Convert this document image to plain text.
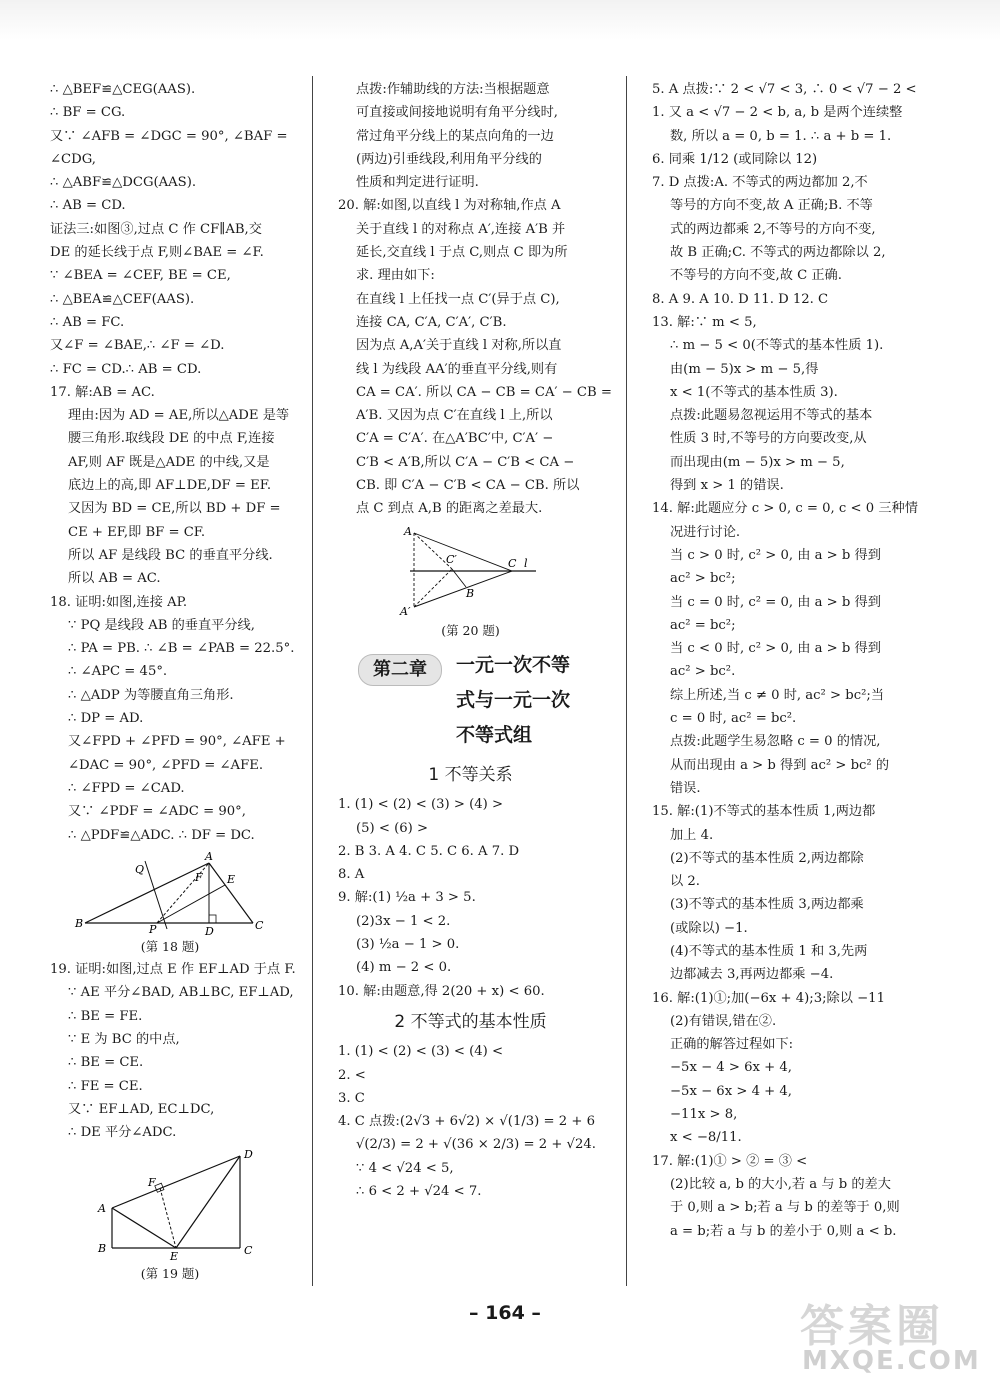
∴ △BEF≌△CEG(AAS).
∴ BF = CG.
又∵ ∠AFB = ∠DGC = 90°, ∠BAF =
∠CDG,
∴ △ABF≌△DCG(AAS).
∴ AB = CD.
证法三:如图③,过点 C 作 CF∥AB,交
DE 的延长线于点 F,则∠BAE = ∠F.
∵ ∠BEA = ∠CEF, BE = CE,
∴ △BEA≌△CEF(AAS).
∴ AB = FC.
又∠F = ∠BAE,∴ ∠F = ∠D.
∴ FC = CD.∴ AB = CD.
17. 解:AB = AC.
理由:因为 AD = AE,所以△ADE 是等
腰三角形.取线段 DE 的中点 F,连接
AF,则 AF 既是△ADE 的中线,又是
底边上的高,即 AF⊥DE,DF = EF.
又因为 BD = CE,所以 BD + DF =
CE + EF,即 BF = CF.
所以 AF 是线段 BC 的垂直平分线.
所以 AB = AC.
18. 证明:如图,连接 AP.
∵ PQ 是线段 AB 的垂直平分线,
∴ PA = PB. ∴ ∠B = ∠PAB = 22.5°.
∴ ∠APC = 45°.
∴ △ADP 为等腰直角三角形.
∴ DP = AD.
又∠FPD + ∠PFD = 90°, ∠AFE +
∠DAC = 90°, ∠PFD = ∠AFE.
∴ ∠FPD = ∠CAD.
又∵ ∠PDF = ∠ADC = 90°,
∴ △PDF≌△ADC. ∴ DF = DC.
A
Q
E
F
B	P	D	C
(第 18 题)
19. 证明:如图,过点 E 作 EF⊥AD 于点 F.
∵ AE 平分∠BAD, AB⊥BC, EF⊥AD,
∴ BE = FE.
∵ E 为 BC 的中点,
∴ BE = CE.
∴ FE = CE.
又∵ EF⊥AD, EC⊥DC,
∴ DE 平分∠ADC.
D
F
A
B
E	C
(第 19 题)
点拨:作辅助线的方法:当根据题意
可直接或间接地说明有角平分线时,
常过角平分线上的某点向角的一边
(两边)引垂线段,利用角平分线的
性质和判定进行证明.
20. 解:如图,以直线 l 为对称轴,作点 A
关于直线 l 的对称点 A′,连接 A′B 并
延长,交直线 l 于点 C,则点 C 即为所
求. 理由如下:
在直线 l 上任找一点 C′(异于点 C),
连接 CA, C′A, C′A′, C′B.
因为点 A,A′关于直线 l 对称,所以直
线 l 为线段 AA′的垂直平分线,则有
CA = CA′. 所以 CA − CB = CA′ − CB =
A′B. 又因为点 C′在直线 l 上,所以
C′A = C′A′. 在△A′BC′中, C′A′ −
C′B < A′B,所以 C′A − C′B < CA −
CB. 即 C′A − C′B < CA − CB. 所以
点 C 到点 A,B 的距离之差最大.
A
C′	C l
B
A′
(第 20 题)
第二章	一元一次不等
式与一元一次
不等式组
1 不等关系
1. (1) < (2) < (3) > (4) >
(5) < (6) >
2. B 3. A 4. C 5. C 6. A 7. D
8. A
9. 解:(1) ½a + 3 > 5.
(2)3x − 1 < 2.
(3) ½a − 1 > 0.
(4) m − 2 < 0.
10. 解:由题意,得 2(20 + x) < 60.
2 不等式的基本性质
1. (1) < (2) < (3) < (4) <
2. <
3. C
4. C 点拨:(2√3 + 6√2) × √(1/3) = 2 + 6
√(2/3) = 2 + √(36 × 2/3) = 2 + √24.
∵ 4 < √24 < 5,
∴ 6 < 2 + √24 < 7.
5. A 点拨:∵ 2 < √7 < 3, ∴ 0 < √7 − 2 <
1. 又 a < √7 − 2 < b, a, b 是两个连续整
数, 所以 a = 0, b = 1. ∴ a + b = 1.
6. 同乘 1/12 (或同除以 12)
7. D 点拨:A. 不等式的两边都加 2,不
等号的方向不变,故 A 正确;B. 不等
式的两边都乘 2,不等号的方向不变,
故 B 正确;C. 不等式的两边都除以 2,
不等号的方向不变,故 C 正确.
8. A 9. A 10. D 11. D 12. C
13. 解:∵ m < 5,
∴ m − 5 < 0(不等式的基本性质 1).
由(m − 5)x > m − 5,得
x < 1(不等式的基本性质 3).
点拨:此题易忽视运用不等式的基本
性质 3 时,不等号的方向要改变,从
而出现由(m − 5)x > m − 5,
得到 x > 1 的错误.
14. 解:此题应分 c > 0, c = 0, c < 0 三种情
况进行讨论.
当 c > 0 时, c² > 0, 由 a > b 得到
ac² > bc²;
当 c = 0 时, c² = 0, 由 a > b 得到
ac² = bc²;
当 c < 0 时, c² > 0, 由 a > b 得到
ac² > bc².
综上所述,当 c ≠ 0 时, ac² > bc²;当
c = 0 时, ac² = bc².
点拨:此题学生易忽略 c = 0 的情况,
从而出现由 a > b 得到 ac² > bc² 的
错误.
15. 解:(1)不等式的基本性质 1,两边都
加上 4.
(2)不等式的基本性质 2,两边都除
以 2.
(3)不等式的基本性质 3,两边都乘
(或除以) −1.
(4)不等式的基本性质 1 和 3,先两
边都减去 3,再两边都乘 −4.
16. 解:(1)①;加(−6x + 4);3;除以 −11
(2)有错误,错在②.
正确的解答过程如下:
−5x − 4 > 6x + 4,
−5x − 6x > 4 + 4,
−11x > 8,
x < −8/11.
17. 解:(1)① > ② = ③ <
(2)比较 a, b 的大小,若 a 与 b 的差大
于 0,则 a > b;若 a 与 b 的差等于 0,则
a = b;若 a 与 b 的差小于 0,则 a < b.
– 164 –	答案圈
MXQE.COM
